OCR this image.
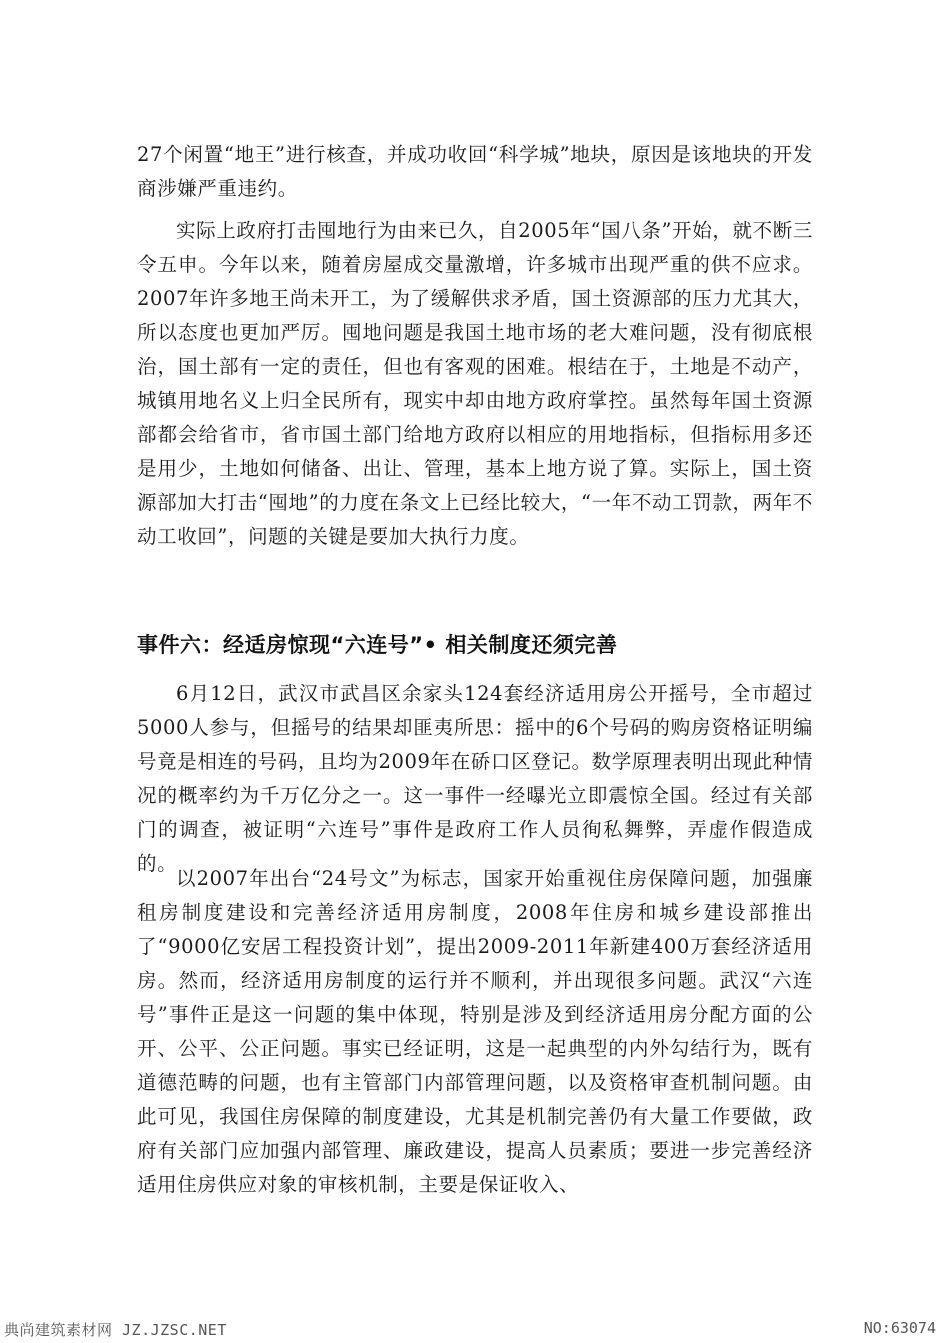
27个闲置“地王”进行核查，并成功收回“科学城”地块，原因是该地块的开发商涉嫌严重违约。

实际上政府打击囤地行为由来已久，自2005年“国八条”开始，就不断三令五申。今年以来，随着房屋成交量激增，许多城市出现严重的供不应求。2007年许多地王尚未开工，为了缓解供求矛盾，国土资源部的压力尤其大，所以态度也更加严厉。囤地问题是我国土地市场的老大难问题，没有彻底根治，国土部有一定的责任，但也有客观的困难。根结在于，土地是不动产，城镇用地名义上归全民所有，现实中却由地方政府掌控。虽然每年国土资源部都会给省市，省市国土部门给地方政府以相应的用地指标，但指标用多还是用少，土地如何储备、出让、管理，基本上地方说了算。实际上，国土资源部加大打击“囤地”的力度在条文上已经比较大，“一年不动工罚款，两年不动工收回”，问题的关键是要加大执行力度。

事件六：经适房惊现“六连号”• 相关制度还须完善

6月12日，武汉市武昌区余家头124套经济适用房公开摇号，全市超过5000人参与，但摇号的结果却匪夷所思：摇中的6个号码的购房资格证明编号竟是相连的号码，且均为2009年在硚口区登记。数学原理表明出现此种情况的概率约为千万亿分之一。这一事件一经曝光立即震惊全国。经过有关部门的调查，被证明“六连号”事件是政府工作人员徇私舞弊，弄虚作假造成的。

以2007年出台“24号文”为标志，国家开始重视住房保障问题，加强廉租房制度建设和完善经济适用房制度，2008年住房和城乡建设部推出了“9000亿安居工程投资计划”，提出2009-2011年新建400万套经济适用房。然而，经济适用房制度的运行并不顺利，并出现很多问题。武汉“六连号”事件正是这一问题的集中体现，特别是涉及到经济适用房分配方面的公开、公平、公正问题。事实已经证明，这是一起典型的内外勾结行为，既有道德范畴的问题，也有主管部门内部管理问题，以及资格审查机制问题。由此可见，我国住房保障的制度建设，尤其是机制完善仍有大量工作要做，政府有关部门应加强内部管理、廉政建设，提高人员素质；要进一步完善经济适用住房供应对象的审核机制，主要是保证收入、

典尚建筑素材网 JZ.JZSC.NET	NO:63074
